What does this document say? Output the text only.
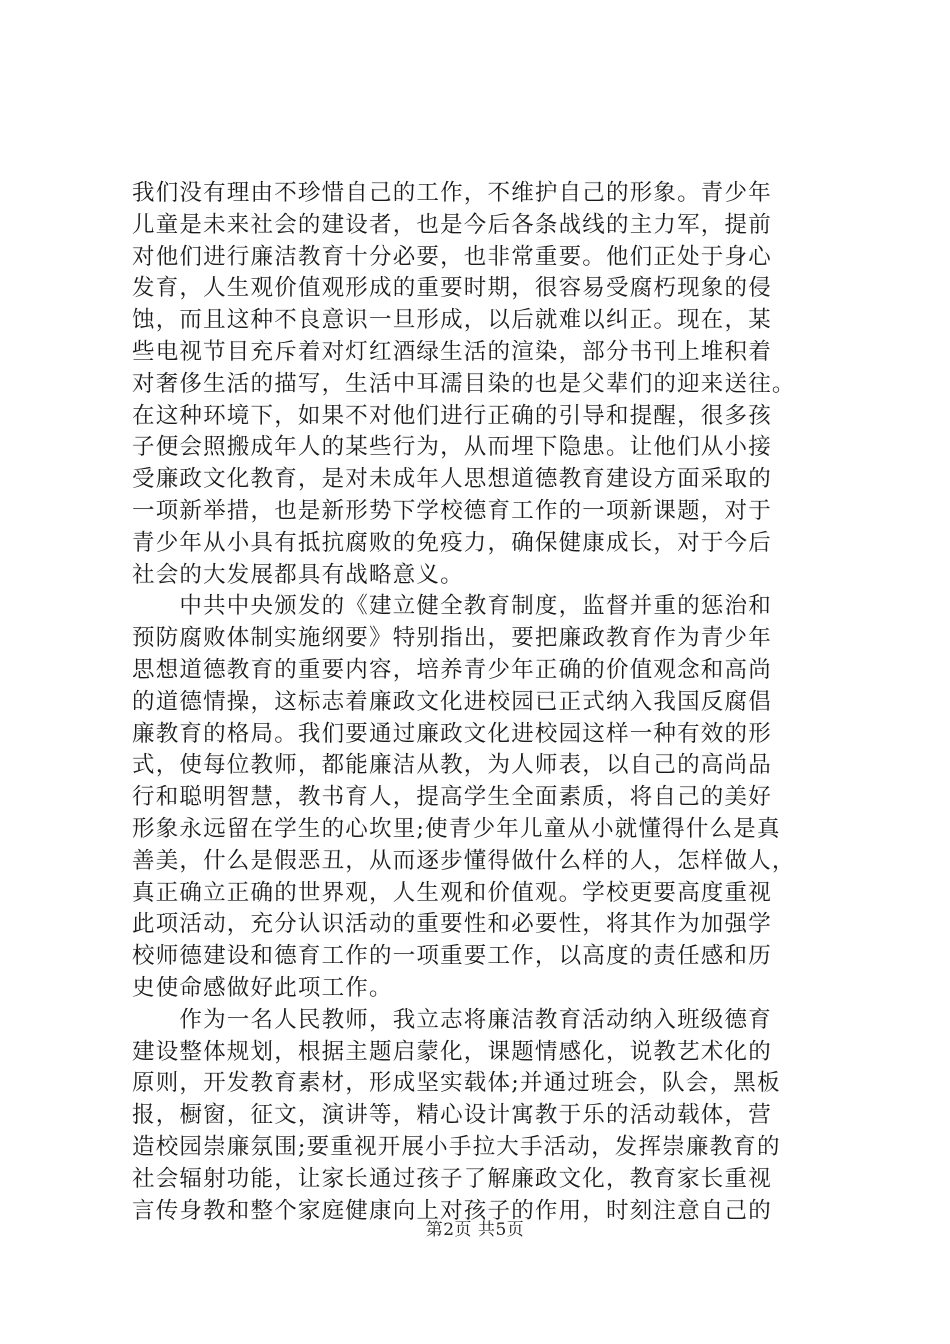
我们没有理由不珍惜自己的工作，不维护自己的形象。青少年
儿童是未来社会的建设者，也是今后各条战线的主力军，提前
对他们进行廉洁教育十分必要，也非常重要。他们正处于身心
发育，人生观价值观形成的重要时期，很容易受腐朽现象的侵
蚀，而且这种不良意识一旦形成，以后就难以纠正。现在，某
些电视节目充斥着对灯红酒绿生活的渲染，部分书刊上堆积着
对奢侈生活的描写，生活中耳濡目染的也是父辈们的迎来送往。
在这种环境下，如果不对他们进行正确的引导和提醒，很多孩
子便会照搬成年人的某些行为，从而埋下隐患。让他们从小接
受廉政文化教育，是对未成年人思想道德教育建设方面采取的
一项新举措，也是新形势下学校德育工作的一项新课题，对于
青少年从小具有抵抗腐败的免疫力，确保健康成长，对于今后
社会的大发展都具有战略意义。
　　中共中央颁发的《建立健全教育制度，监督并重的惩治和
预防腐败体制实施纲要》特别指出，要把廉政教育作为青少年
思想道德教育的重要内容，培养青少年正确的价值观念和高尚
的道德情操，这标志着廉政文化进校园已正式纳入我国反腐倡
廉教育的格局。我们要通过廉政文化进校园这样一种有效的形
式，使每位教师，都能廉洁从教，为人师表，以自己的高尚品
行和聪明智慧，教书育人，提高学生全面素质，将自己的美好
形象永远留在学生的心坎里;使青少年儿童从小就懂得什么是真
善美，什么是假恶丑，从而逐步懂得做什么样的人，怎样做人，
真正确立正确的世界观，人生观和价值观。学校更要高度重视
此项活动，充分认识活动的重要性和必要性，将其作为加强学
校师德建设和德育工作的一项重要工作，以高度的责任感和历
史使命感做好此项工作。
　　作为一名人民教师，我立志将廉洁教育活动纳入班级德育
建设整体规划，根据主题启蒙化，课题情感化，说教艺术化的
原则，开发教育素材，形成坚实载体;并通过班会，队会，黑板
报，橱窗，征文，演讲等，精心设计寓教于乐的活动载体，营
造校园崇廉氛围;要重视开展小手拉大手活动，发挥崇廉教育的
社会辐射功能，让家长通过孩子了解廉政文化，教育家长重视
言传身教和整个家庭健康向上对孩子的作用，时刻注意自己的
第2页 共5页
